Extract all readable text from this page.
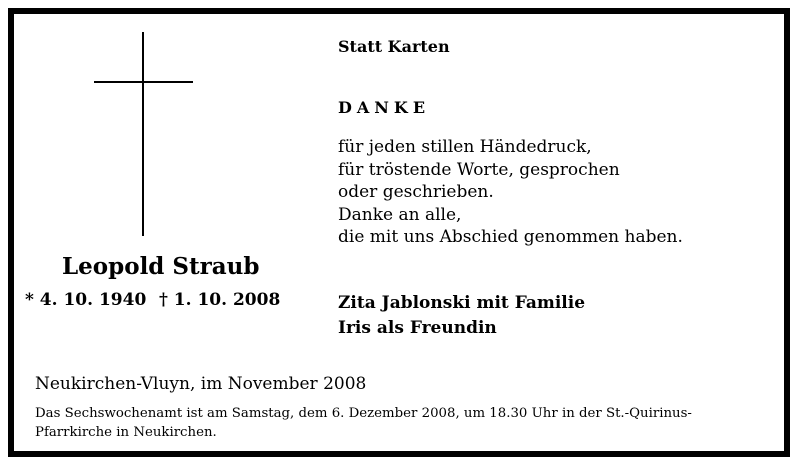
Statt Karten
DANKE
für jeden stillen Händedruck,
für tröstende Worte, gesprochen
oder geschrieben.
Danke an alle,
die mit uns Abschied genommen haben.
Leopold Straub
* 4. 10. 1940 † 1. 10. 2008	Zita Jablonski mit Familie
Iris als Freundin
Neukirchen-Vluyn, im November 2008
Das Sechswochenamt ist am Samstag, dem 6. Dezember 2008, um 18.30 Uhr in der St.-Quirinus-
Pfarrkirche in Neukirchen.
